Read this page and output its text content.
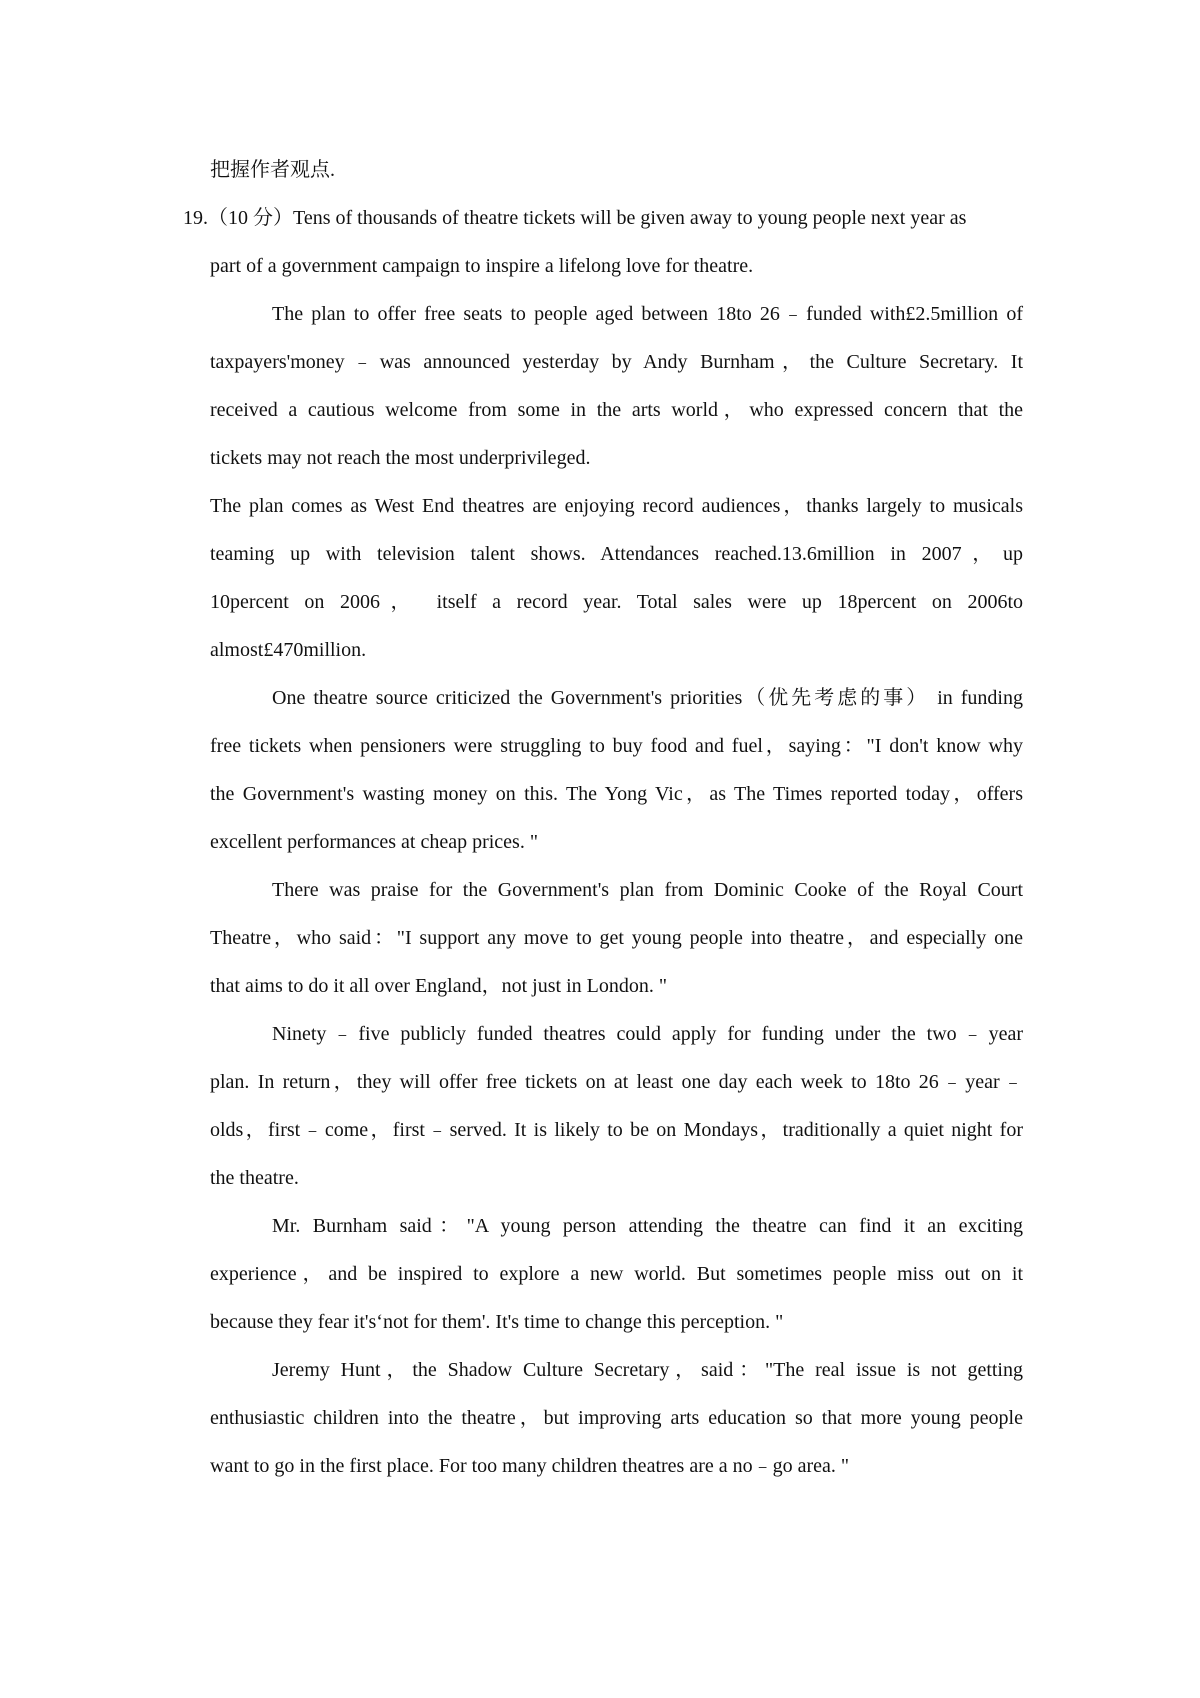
把握作者观点.
19.（10 分）Tens of thousands of theatre tickets will be given away to young people next year as
part of a government campaign to inspire a lifelong love for theatre.
The plan to offer free seats to people aged between 18to 26﹣funded with£2.5million of
taxpayers'money﹣was announced yesterday by Andy Burnham，the Culture Secretary. It
received a cautious welcome from some in the arts world，who expressed concern that the
tickets may not reach the most underprivileged.
The plan comes as West End theatres are enjoying record audiences，thanks largely to musicals
teaming up with television talent shows. Attendances reached.13.6million in 2007，up
10percent on 2006， itself a record year. Total sales were up 18percent on 2006to
almost£470million.
One theatre source criticized the Government's priorities（优先考虑的事） in funding
free tickets when pensioners were struggling to buy food and fuel，saying："I don't know why
the Government's wasting money on this. The Yong Vic，as The Times reported today，offers
excellent performances at cheap prices. "
There was praise for the Government's plan from Dominic Cooke of the Royal Court
Theatre，who said："I support any move to get young people into theatre，and especially one
that aims to do it all over England，not just in London. "
Ninety﹣five publicly funded theatres could apply for funding under the two﹣year
plan. In return，they will offer free tickets on at least one day each week to 18to 26﹣year﹣
olds，first﹣come，first﹣served. It is likely to be on Mondays，traditionally a quiet night for
the theatre.
Mr. Burnham said："A young person attending the theatre can find it an exciting
experience，and be inspired to explore a new world. But sometimes people miss out on it
because they fear it's‘not for them'. It's time to change this perception. "
Jeremy Hunt，the Shadow Culture Secretary，said："The real issue is not getting
enthusiastic children into the theatre，but improving arts education so that more young people
want to go in the first place. For too many children theatres are a no﹣go area. "
